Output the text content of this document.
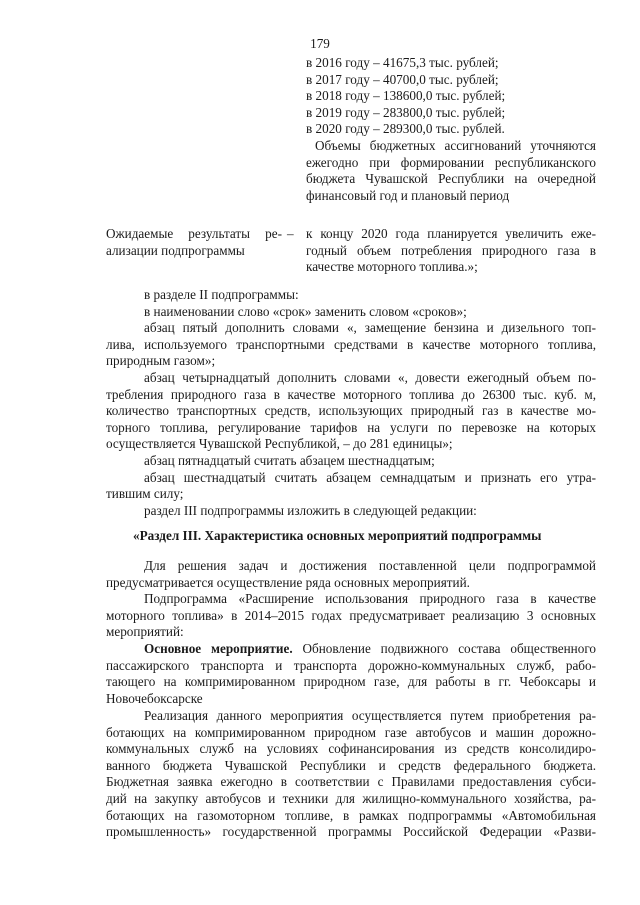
179
в 2016 году – 41675,3 тыс. рублей;
в 2017 году – 40700,0 тыс. рублей;
в 2018 году – 138600,0 тыс. рублей;
в 2019 году – 283800,0 тыс. рублей;
в 2020 году – 289300,0 тыс. рублей.
Объемы бюджетных ассигнований уточняются
ежегодно при формировании республиканского
бюджета Чувашской Республики на очередной
финансовый год и плановый период
Ожидаемые результаты ре-
ализации подпрограммы
– к концу 2020 года планируется увеличить еже-
годный объем потребления природного газа в
качестве моторного топлива.»;
в разделе II подпрограммы:
в наименовании слово «срок» заменить словом «сроков»;
абзац пятый дополнить словами «, замещение бензина и дизельного топ-
лива, используемого транспортными средствами в качестве моторного топлива,
природным газом»;
абзац четырнадцатый дополнить словами «, довести ежегодный объем по-
требления природного газа в качестве моторного топлива до 26300 тыс. куб. м,
количество транспортных средств, использующих природный газ в качестве мо-
торного топлива, регулирование тарифов на услуги по перевозке на которых
осуществляется Чувашской Республикой, – до 281 единицы»;
абзац пятнадцатый считать абзацем шестнадцатым;
абзац шестнадцатый считать абзацем семнадцатым и признать его утра-
тившим силу;
раздел III подпрограммы изложить в следующей редакции:
«Раздел III. Характеристика основных мероприятий подпрограммы
Для решения задач и достижения поставленной цели подпрограммой
предусматривается осуществление ряда основных мероприятий.
Подпрограмма «Расширение использования природного газа в качестве
моторного топлива» в 2014–2015 годах предусматривает реализацию 3 основных
мероприятий:
Основное мероприятие. Обновление подвижного состава общественного
пассажирского транспорта и транспорта дорожно-коммунальных служб, рабо-
тающего на компримированном природном газе, для работы в гг. Чебоксары и
Новочебоксарске
Реализация данного мероприятия осуществляется путем приобретения ра-
ботающих на компримированном природном газе автобусов и машин дорожно-
коммунальных служб на условиях софинансирования из средств консолидиро-
ванного бюджета Чувашской Республики и средств федерального бюджета.
Бюджетная заявка ежегодно в соответствии с Правилами предоставления субси-
дий на закупку автобусов и техники для жилищно-коммунального хозяйства, ра-
ботающих на газомоторном топливе, в рамках подпрограммы «Автомобильная
промышленность» государственной программы Российской Федерации «Разви-
